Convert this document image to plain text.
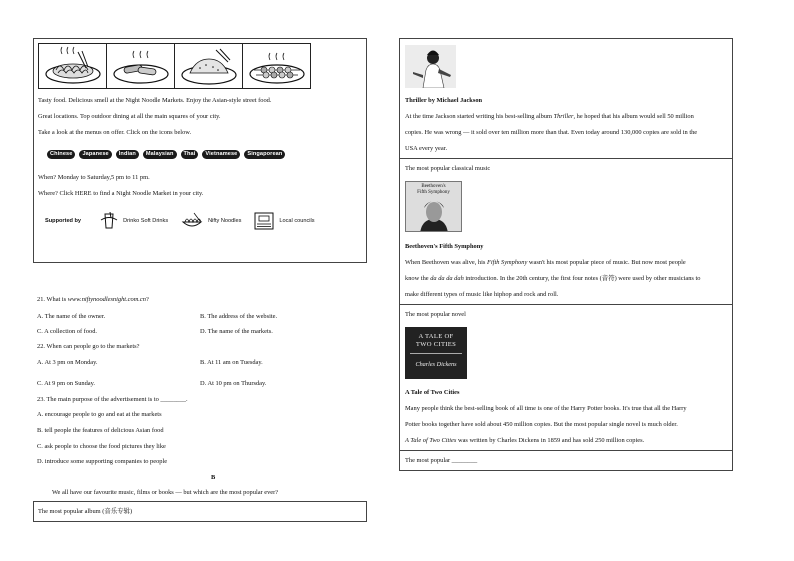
Tasty food. Delicious smell at the Night Noodle Markets. Enjoy the Asian-style street food.
Great locations. Top outdoor dining at all the main squares of your city.
Take a look at the menus on offer. Click on the icons below.
Chinese	Japanese	Indian	Malaysian	Thai	Vietnamese	Singaporean
When? Monday to Saturday,5 pm to 11 pm.
Where? Click HERE to find a Night Noodle Market in your city.
Supported by	Drinko Soft Drinks	Nifty Noodles	Local councils
21. What is www.niftynoodlesnight.com.cn?
A. The name of the owner.	B. The address of the website.
C. A collection of food.	D. The name of the markets.
22. When can people go to the markets?
A. At 3 pm on Monday.	B. At 11 am on Tuesday.
C. At 9 pm on Sunday.	D. At 10 pm on Thursday.
23. The main purpose of the advertisement is to ________.
A. encourage people to go and eat at the markets
B. tell people the features of delicious Asian food
C. ask people to choose the food pictures they like
D. introduce some supporting companies to people
B
We all have our favourite music, films or books — but which are the most popular ever?
The most popular album (音乐专辑)
Thriller by Michael Jackson
At the time Jackson started writing his best-selling album Thriller, he hoped that his album would sell 50 million
copies. He was wrong — it sold over ten million more than that. Even today around 130,000 copies are sold in the
USA every year.
The most popular classical music
Beethoven's
Fifth Symphony
Beethoven's Fifth Symphony
When Beethoven was alive, his Fifth Symphony wasn't his most popular piece of music. But now most people
know the da da da dah introduction. In the 20th century, the first four notes (音符) were used by other musicians to
make different types of music like hiphop and rock and roll.
The most popular novel
A TALE OF
TWO CITIES
Charles Dickens
A Tale of Two Cities
Many people think the best-selling book of all time is one of the Harry Potter books. It's true that all the Harry
Potter books together have sold about 450 million copies. But the most popular single novel is much older.
A Tale of Two Cities was written by Charles Dickens in 1859 and has sold 250 million copies.
The most popular ________
